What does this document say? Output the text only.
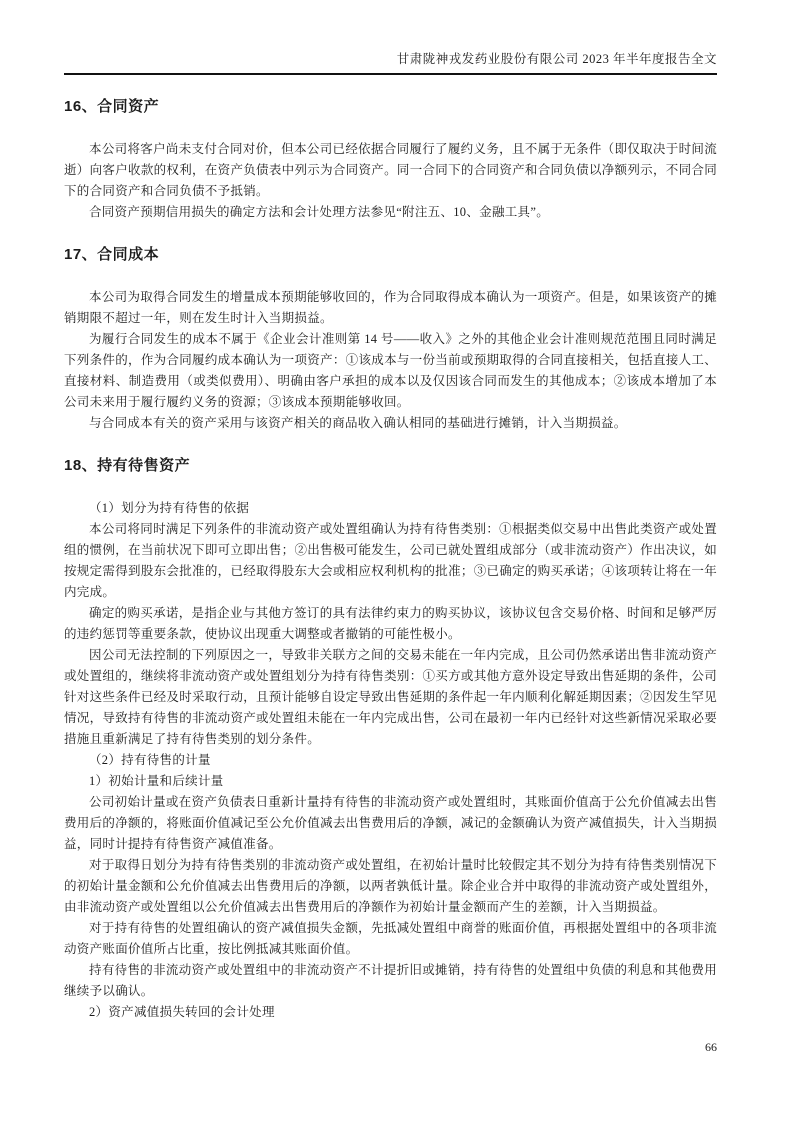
甘肃陇神戎发药业股份有限公司 2023 年半年度报告全文
16、合同资产

本公司将客户尚未支付合同对价，但本公司已经依据合同履行了履约义务，且不属于无条件（即仅取决于时间流逝）向客户收款的权利，在资产负债表中列示为合同资产。同一合同下的合同资产和合同负债以净额列示，不同合同下的合同资产和合同负债不予抵销。

合同资产预期信用损失的确定方法和会计处理方法参见“附注五、10、金融工具”。

17、合同成本

本公司为取得合同发生的增量成本预期能够收回的，作为合同取得成本确认为一项资产。但是，如果该资产的摊销期限不超过一年，则在发生时计入当期损益。

为履行合同发生的成本不属于《企业会计准则第 14 号——收入》之外的其他企业会计准则规范范围且同时满足下列条件的，作为合同履约成本确认为一项资产：①该成本与一份当前或预期取得的合同直接相关，包括直接人工、直接材料、制造费用（或类似费用）、明确由客户承担的成本以及仅因该合同而发生的其他成本；②该成本增加了本公司未来用于履行履约义务的资源；③该成本预期能够收回。

与合同成本有关的资产采用与该资产相关的商品收入确认相同的基础进行摊销，计入当期损益。

18、持有待售资产

（1）划分为持有待售的依据

本公司将同时满足下列条件的非流动资产或处置组确认为持有待售类别：①根据类似交易中出售此类资产或处置组的惯例，在当前状况下即可立即出售；②出售极可能发生，公司已就处置组成部分（或非流动资产）作出决议，如按规定需得到股东会批准的，已经取得股东大会或相应权利机构的批准；③已确定的购买承诺；④该项转让将在一年内完成。

确定的购买承诺，是指企业与其他方签订的具有法律约束力的购买协议，该协议包含交易价格、时间和足够严厉的违约惩罚等重要条款，使协议出现重大调整或者撤销的可能性极小。

因公司无法控制的下列原因之一，导致非关联方之间的交易未能在一年内完成，且公司仍然承诺出售非流动资产或处置组的，继续将非流动资产或处置组划分为持有待售类别：①买方或其他方意外设定导致出售延期的条件，公司针对这些条件已经及时采取行动，且预计能够自设定导致出售延期的条件起一年内顺利化解延期因素；②因发生罕见情况，导致持有待售的非流动资产或处置组未能在一年内完成出售，公司在最初一年内已经针对这些新情况采取必要措施且重新满足了持有待售类别的划分条件。

（2）持有待售的计量

1）初始计量和后续计量

公司初始计量或在资产负债表日重新计量持有待售的非流动资产或处置组时，其账面价值高于公允价值减去出售费用后的净额的，将账面价值减记至公允价值减去出售费用后的净额，减记的金额确认为资产减值损失，计入当期损益，同时计提持有待售资产减值准备。

对于取得日划分为持有待售类别的非流动资产或处置组，在初始计量时比较假定其不划分为持有待售类别情况下的初始计量金额和公允价值减去出售费用后的净额，以两者孰低计量。除企业合并中取得的非流动资产或处置组外，由非流动资产或处置组以公允价值减去出售费用后的净额作为初始计量金额而产生的差额，计入当期损益。

对于持有待售的处置组确认的资产减值损失金额，先抵减处置组中商誉的账面价值，再根据处置组中的各项非流动资产账面价值所占比重，按比例抵减其账面价值。

持有待售的非流动资产或处置组中的非流动资产不计提折旧或摊销，持有待售的处置组中负债的利息和其他费用继续予以确认。

2）资产减值损失转回的会计处理

66
